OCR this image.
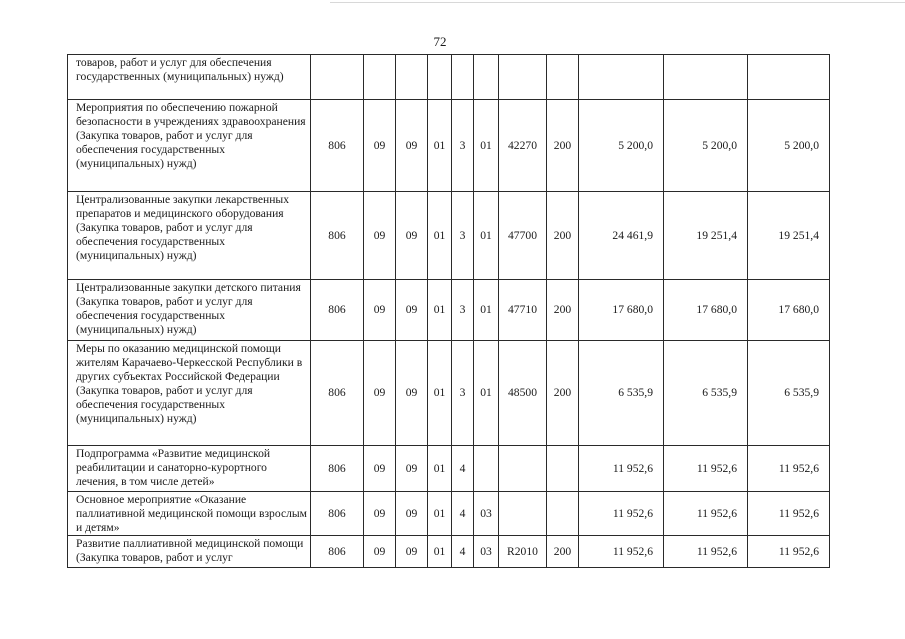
72
товаров, работ и услуг для обеспечения государственных (муниципальных) нужд)											
Мероприятия по обеспечению пожарной безопасности в учреждениях здравоохранения (Закупка товаров, работ и услуг для обеспечения государственных (муниципальных) нужд)	806	09	09	01	3	01	42270	200	5 200,0	5 200,0	5 200,0
Централизованные закупки лекарственных препаратов и медицинского оборудования (Закупка товаров, работ и услуг для обеспечения государственных (муниципальных) нужд)	806	09	09	01	3	01	47700	200	24 461,9	19 251,4	19 251,4
Централизованные закупки детского питания (Закупка товаров, работ и услуг для обеспечения государственных (муниципальных) нужд)	806	09	09	01	3	01	47710	200	17 680,0	17 680,0	17 680,0
Меры по оказанию медицинской помощи жителям Карачаево-Черкесской Республики в других субъектах Российской Федерации (Закупка товаров, работ и услуг для обеспечения государственных (муниципальных) нужд)	806	09	09	01	3	01	48500	200	6 535,9	6 535,9	6 535,9
Подпрограмма «Развитие медицинской реабилитации и санаторно-курортного лечения, в том числе детей»	806	09	09	01	4				11 952,6	11 952,6	11 952,6
Основное мероприятие «Оказание паллиативной медицинской помощи взрослым и детям»	806	09	09	01	4	03			11 952,6	11 952,6	11 952,6
Развитие паллиативной медицинской помощи (Закупка товаров, работ и услуг	806	09	09	01	4	03	R2010	200	11 952,6	11 952,6	11 952,6
